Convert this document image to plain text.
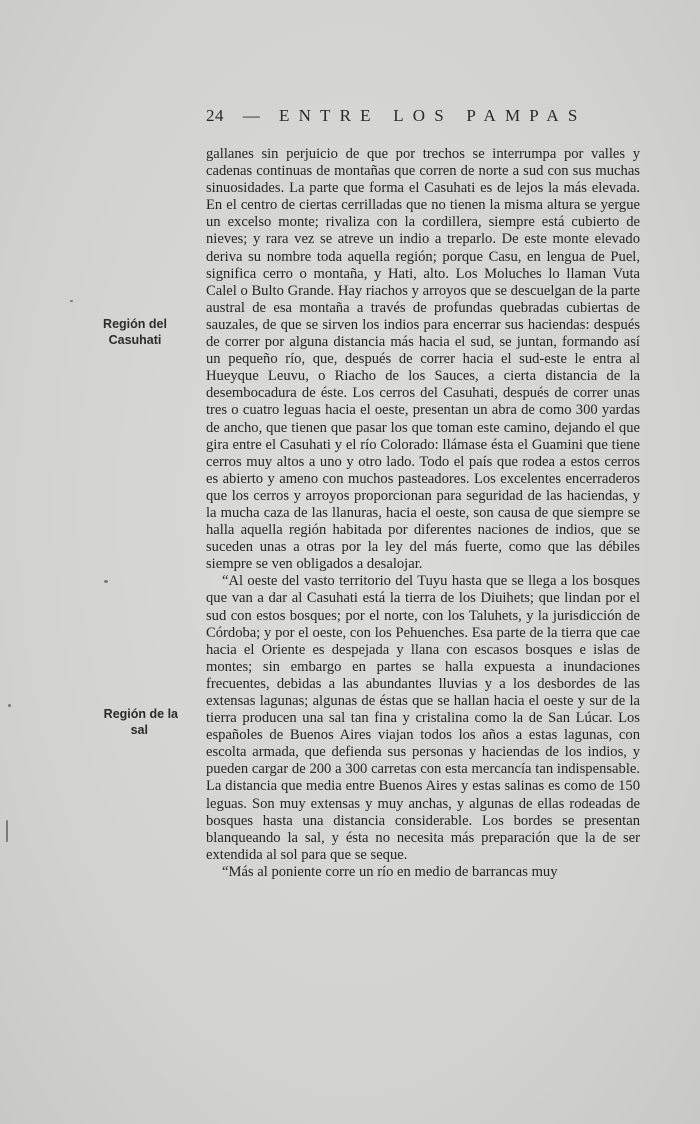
24 — ENTRE LOS PAMPAS
Región del
Casuhati
Región de la
sal

gallanes sin perjuicio de que por trechos se interrumpa por valles y cadenas continuas de montañas que corren de norte a sud con sus muchas sinuosidades. La parte que forma el Casuhati es de lejos la más elevada. En el centro de ciertas cerrilladas que no tienen la misma altura se yergue un excelso monte; rivaliza con la cordillera, siempre está cubierto de nieves; y rara vez se atreve un indio a treparlo. De este monte elevado deriva su nombre toda aquella región; porque Casu, en lengua de Puel, significa cerro o montaña, y Hati, alto. Los Moluches lo llaman Vuta Calel o Bulto Grande. Hay riachos y arroyos que se descuelgan de la parte austral de esa montaña a través de profundas quebradas cubiertas de sauzales, de que se sirven los indios para encerrar sus haciendas: después de correr por alguna distancia más hacia el sud, se juntan, formando así un pequeño río, que, después de correr hacia el sud-este le entra al Hueyque Leuvu, o Riacho de los Sauces, a cierta distancia de la desembocadura de éste. Los cerros del Casuhati, después de correr unas tres o cuatro leguas hacia el oeste, presentan un abra de como 300 yardas de ancho, que tienen que pasar los que toman este camino, dejando el que gira entre el Casuhati y el río Colorado: llámase ésta el Guamini que tiene cerros muy altos a uno y otro lado. Todo el país que rodea a estos cerros es abierto y ameno con muchos pasteadores. Los excelentes encerraderos que los cerros y arroyos proporcionan para seguridad de las haciendas, y la mucha caza de las llanuras, hacia el oeste, son causa de que siempre se halla aquella región habitada por diferentes naciones de indios, que se suceden unas a otras por la ley del más fuerte, como que las débiles siempre se ven obligados a desalojar.

“Al oeste del vasto territorio del Tuyu hasta que se llega a los bosques que van a dar al Casuhati está la tierra de los Diuihets; que lindan por el sud con estos bosques; por el norte, con los Taluhets, y la jurisdicción de Córdoba; y por el oeste, con los Pehuenches. Esa parte de la tierra que cae hacia el Oriente es despejada y llana con escasos bosques e islas de montes; sin embargo en partes se halla expuesta a inundaciones frecuentes, debidas a las abundantes lluvias y a los desbordes de las extensas lagunas; algunas de éstas que se hallan hacia el oeste y sur de la tierra producen una sal tan fina y cristalina como la de San Lúcar. Los españoles de Buenos Aires viajan todos los años a estas lagunas, con escolta armada, que defienda sus personas y haciendas de los indios, y pueden cargar de 200 a 300 carretas con esta mercancía tan indispensable. La distancia que media entre Buenos Aires y estas salinas es como de 150 leguas. Son muy extensas y muy anchas, y algunas de ellas rodeadas de bosques hasta una distancia considerable. Los bordes se presentan blanqueando la sal, y ésta no necesita más preparación que la de ser extendida al sol para que se seque.

“Más al poniente corre un río en medio de barrancas muy
